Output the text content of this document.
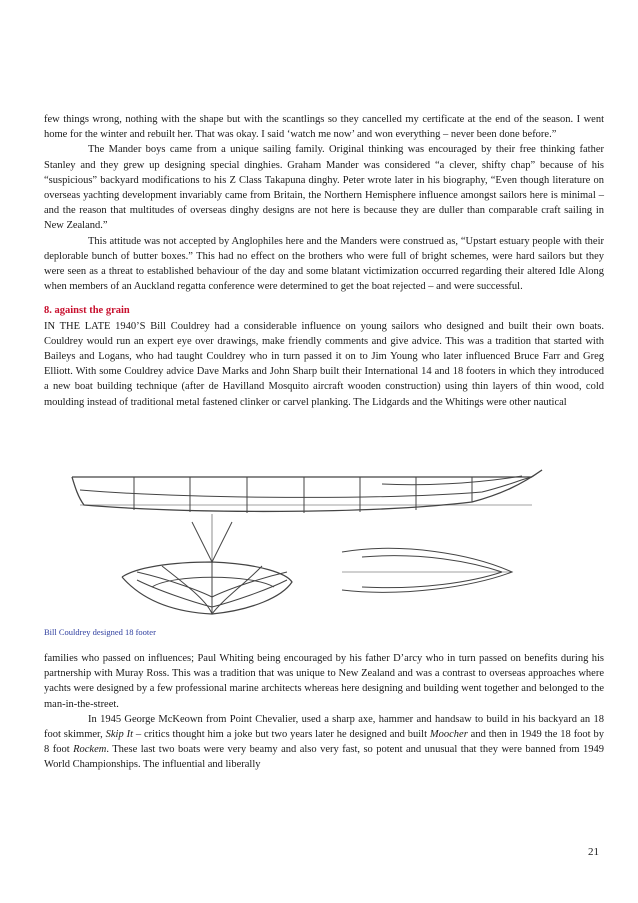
few things wrong, nothing with the shape but with the scantlings so they cancelled my certificate at the end of the season. I went home for the winter and rebuilt her. That was okay. I said ‘watch me now’ and won everything – never been done before.”

The Mander boys came from a unique sailing family. Original thinking was encouraged by their free thinking father Stanley and they grew up designing special dinghies. Graham Mander was considered “a clever, shifty chap” because of his “suspicious” backyard modifications to his Z Class Takapuna dinghy. Peter wrote later in his biography, “Even though literature on overseas yachting development invariably came from Britain, the Northern Hemisphere influence amongst sailors here is minimal – and the reason that multitudes of overseas dinghy designs are not here is because they are duller than comparable craft sailing in New Zealand.”

This attitude was not accepted by Anglophiles here and the Manders were construed as, “Upstart estuary people with their deplorable bunch of butter boxes.” This had no effect on the brothers who were full of bright schemes, were hard sailors but they were seen as a threat to established behaviour of the day and some blatant victimization occurred regarding their altered Idle Along when members of an Auckland regatta conference were determined to get the boat rejected – and were successful.

8. against the grain

IN THE LATE 1940’S Bill Couldrey had a considerable influence on young sailors who designed and built their own boats. Couldrey would run an expert eye over drawings, make friendly comments and give advice. This was a tradition that started with Baileys and Logans, who had taught Couldrey who in turn passed it on to Jim Young who later influenced Bruce Farr and Greg Elliott. With some Couldrey advice Dave Marks and John Sharp built their International 14 and 18 footers in which they introduced a new boat building technique (after de Havilland Mosquito aircraft wooden construction) using thin layers of thin wood, cold moulding instead of traditional metal fastened clinker or carvel planking. The Lidgards and the Whitings were other nautical

Bill Couldrey designed 18 footer

families who passed on influences; Paul Whiting being encouraged by his father D’arcy who in turn passed on benefits during his partnership with Muray Ross. This was a tradition that was unique to New Zealand and was a contrast to overseas approaches where yachts were designed by a few professional marine architects whereas here designing and building went together and belonged to the man-in-the-street.

In 1945 George McKeown from Point Chevalier, used a sharp axe, hammer and handsaw to build in his backyard an 18 foot skimmer, Skip It – critics thought him a joke but two years later he designed and built Moocher and then in 1949 the 18 foot by 8 foot Rockem. These last two boats were very beamy and also very fast, so potent and unusual that they were banned from 1949 World Championships. The influential and liberally

21
